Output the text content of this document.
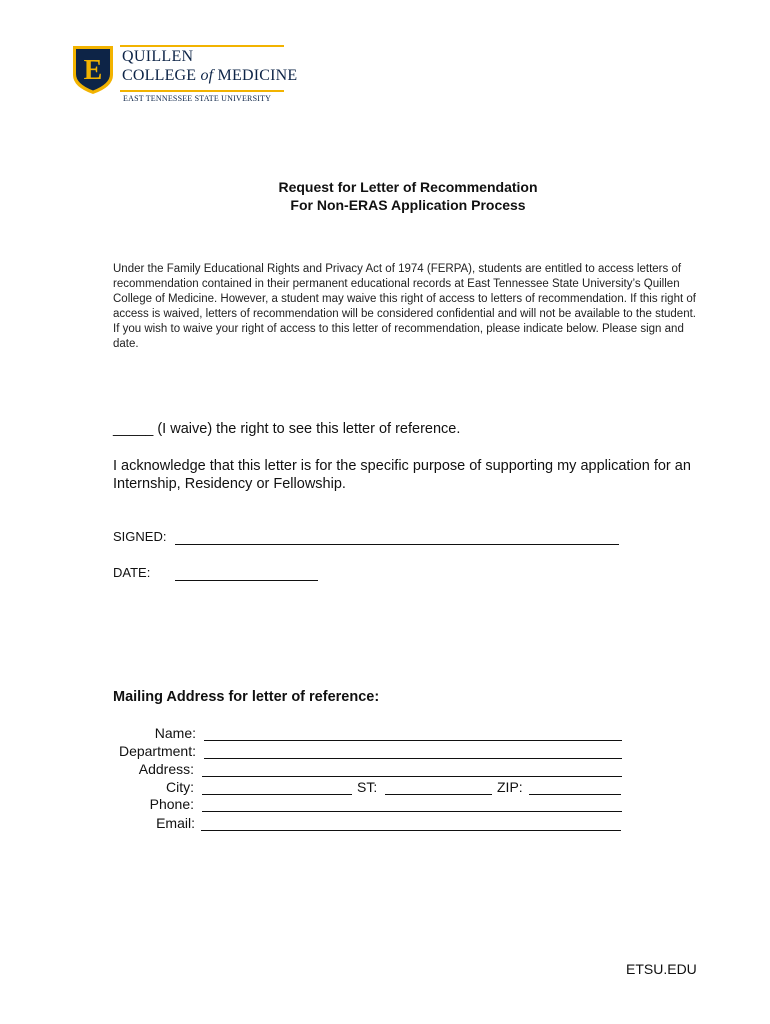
E QUILLEN
COLLEGE of MEDICINE
EAST TENNESSEE STATE UNIVERSITY
Request for Letter of Recommendation
For Non-ERAS Application Process
Under the Family Educational Rights and Privacy Act of 1974 (FERPA), students are entitled to access letters of recommendation contained in their permanent educational records at East Tennessee State University’s Quillen College of Medicine. However, a student may waive this right of access to letters of recommendation. If this right of access is waived, letters of recommendation will be considered confidential and will not be available to the student. If you wish to waive your right of access to this letter of recommendation, please indicate below. Please sign and date.
_____ (I waive) the right to see this letter of reference.
I acknowledge that this letter is for the specific purpose of supporting my application for an Internship, Residency or Fellowship.
SIGNED:
DATE:
Mailing Address for letter of reference:
Name:
Department:
Address:
City:	ST:	ZIP:
Phone:
Email:
ETSU.EDU
